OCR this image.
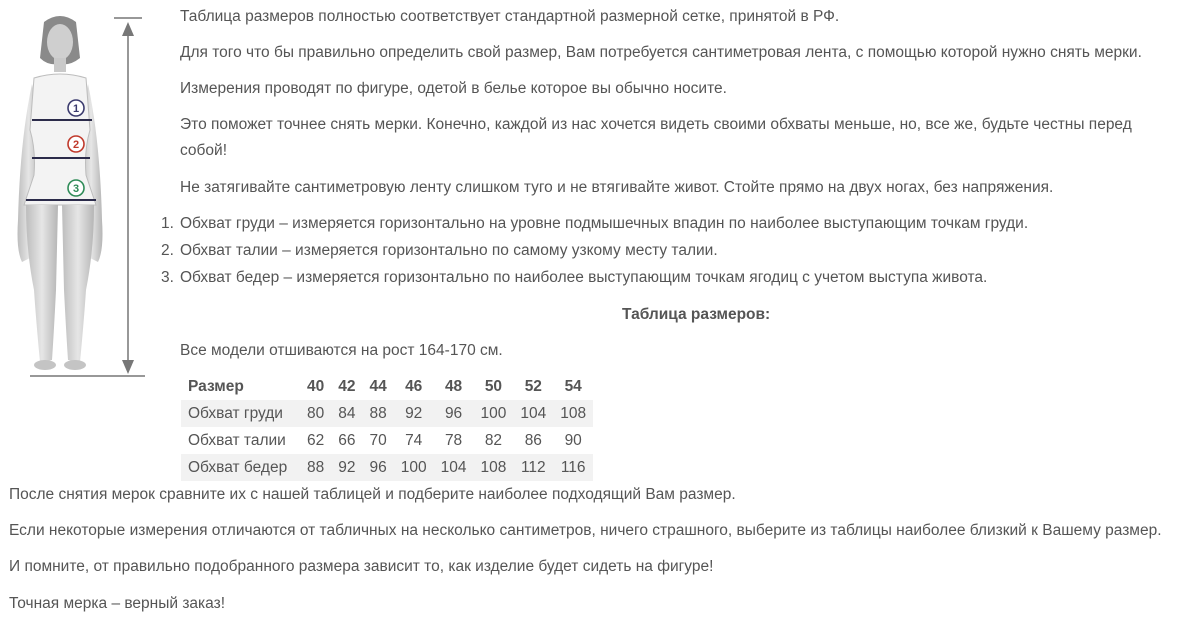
1
2
3
Таблица размеров полностью соответствует стандартной размерной сетке, принятой в РФ.
Для того что бы правильно определить свой размер, Вам потребуется сантиметровая лента, с помощью которой нужно снять мерки.
Измерения проводят по фигуре, одетой в белье которое вы обычно носите.
Это поможет точнее снять мерки. Конечно, каждой из нас хочется видеть своими обхваты меньше, но, все же, будьте честны перед собой!
Не затягивайте сантиметровую ленту слишком туго и не втягивайте живот. Стойте прямо на двух ногах, без напряжения.
1. Обхват груди – измеряется горизонтально на уровне подмышечных впадин по наиболее выступающим точкам груди.
2. Обхват талии – измеряется горизонтально по самому узкому месту талии.
3. Обхват бедер – измеряется горизонтально по наиболее выступающим точкам ягодиц с учетом выступа живота.
Таблица размеров:
Все модели отшиваются на рост 164-170 см.
Размер	40	42	44	46	48	50	52	54
Обхват груди	80	84	88	92	96	100	104	108
Обхват талии	62	66	70	74	78	82	86	90
Обхват бедер	88	92	96	100	104	108	112	116
После снятия мерок сравните их с нашей таблицей и подберите наиболее подходящий Вам размер.
Если некоторые измерения отличаются от табличных на несколько сантиметров, ничего страшного, выберите из таблицы наиболее близкий к Вашему размер.
И помните, от правильно подобранного размера зависит то, как изделие будет сидеть на фигуре!
Точная мерка – верный заказ!
